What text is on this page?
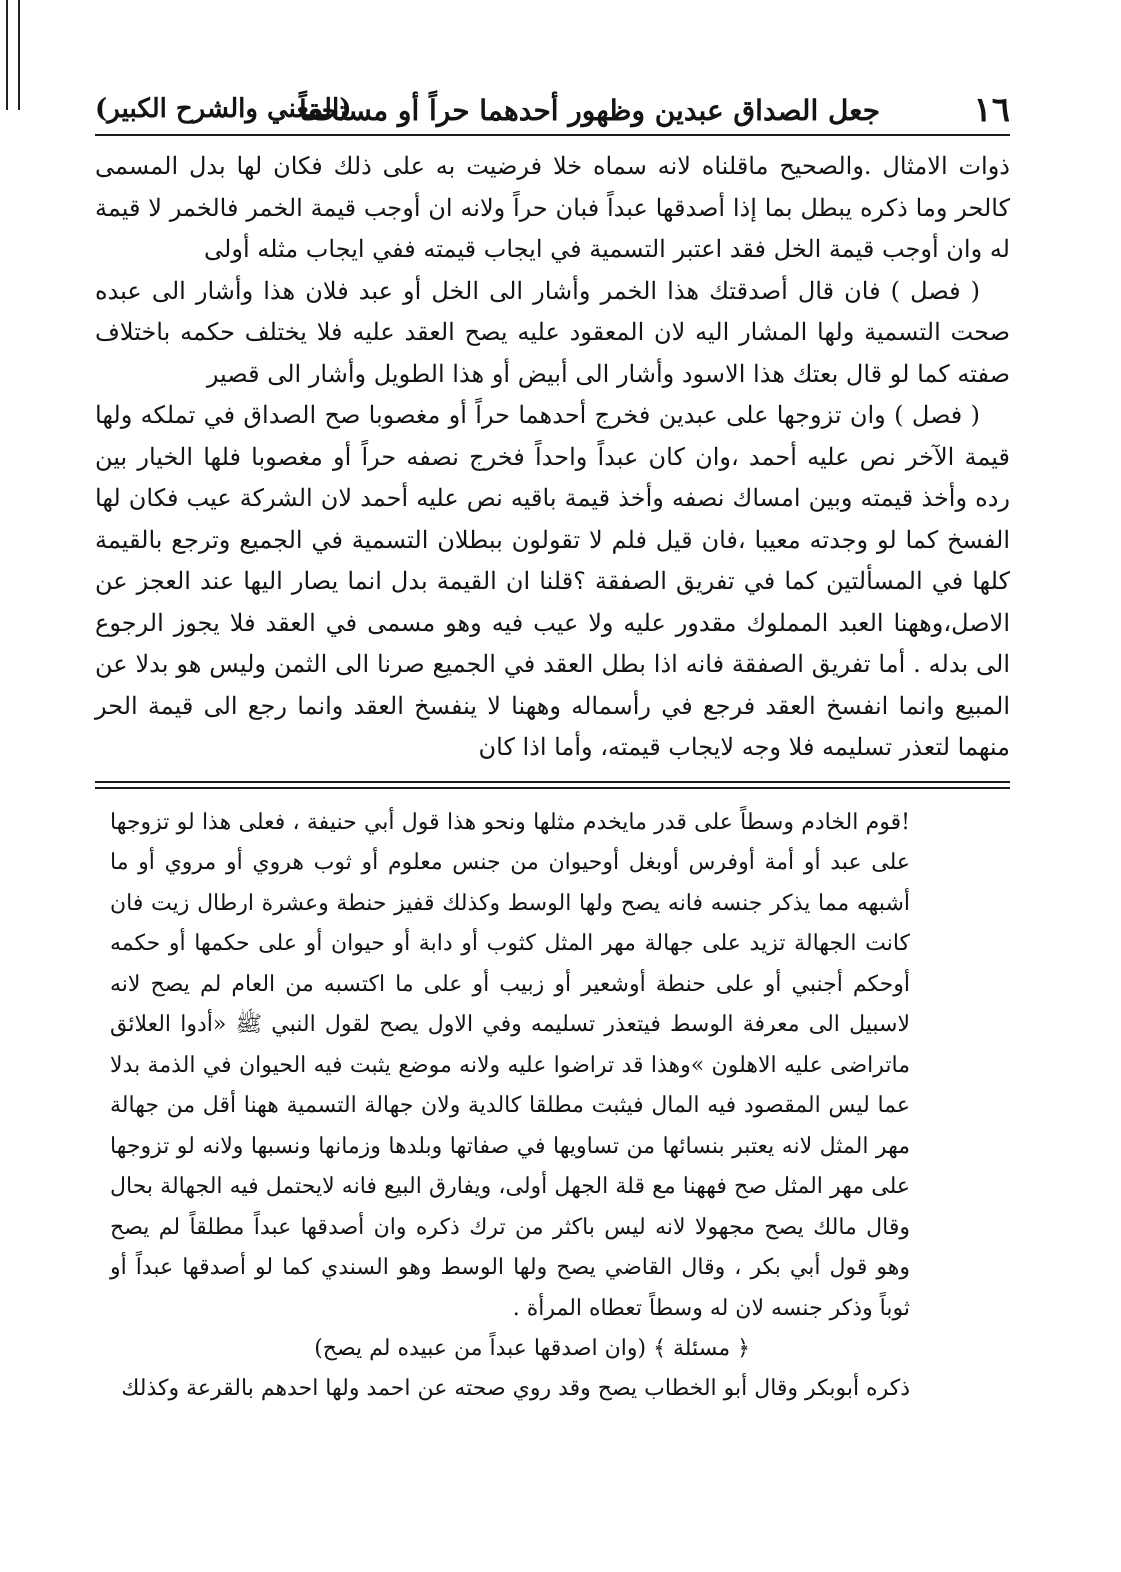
١٦
جعل الصداق عبدين وظهور أحدهما حراً أو مستحقاً
(المغني والشرح الكبير)

ذوات الامثال .والصحيح ماقلناه لانه سماه خلا فرضيت به على ذلك فكان لها بدل المسمى كالحر وما ذكره يبطل بما إذا أصدقها عبداً فبان حراً ولانه ان أوجب قيمة الخمر فالخمر لا قيمة له وان أوجب قيمة الخل فقد اعتبر التسمية في ايجاب قيمته ففي ايجاب مثله أولى

( فصل ) فان قال أصدقتك هذا الخمر وأشار الى الخل أو عبد فلان هذا وأشار الى عبده صحت التسمية ولها المشار اليه لان المعقود عليه يصح العقد عليه فلا يختلف حكمه باختلاف صفته كما لو قال بعتك هذا الاسود وأشار الى أبيض أو هذا الطويل وأشار الى قصير

( فصل ) وان تزوجها على عبدين فخرج أحدهما حراً أو مغصوبا صح الصداق في تملكه ولها قيمة الآخر نص عليه أحمد ،وان كان عبداً واحداً فخرج نصفه حراً أو مغصوبا فلها الخيار بين رده وأخذ قيمته وبين امساك نصفه وأخذ قيمة باقيه نص عليه أحمد لان الشركة عيب فكان لها الفسخ كما لو وجدته معيبا ،فان قيل فلم لا تقولون ببطلان التسمية في الجميع وترجع بالقيمة كلها في المسألتين كما في تفريق الصفقة ؟قلنا ان القيمة بدل انما يصار اليها عند العجز عن الاصل،وههنا العبد المملوك مقدور عليه ولا عيب فيه وهو مسمى في العقد فلا يجوز الرجوع الى بدله . أما تفريق الصفقة فانه اذا بطل العقد في الجميع صرنا الى الثمن وليس هو بدلا عن المبيع وانما انفسخ العقد فرجع في رأسماله وههنا لا ينفسخ العقد وانما رجع الى قيمة الحر منهما لتعذر تسليمه فلا وجه لايجاب قيمته، وأما اذا كان

!قوم الخادم وسطاً على قدر مايخدم مثلها ونحو هذا قول أبي حنيفة ، فعلى هذا لو تزوجها على عبد أو أمة أوفرس أوبغل أوحيوان من جنس معلوم أو ثوب هروي أو مروي أو ما أشبهه مما يذكر جنسه فانه يصح ولها الوسط وكذلك قفيز حنطة وعشرة ارطال زيت فان كانت الجهالة تزيد على جهالة مهر المثل كثوب أو دابة أو حيوان أو على حكمها أو حكمه أوحكم أجنبي أو على حنطة أوشعير أو زبيب أو على ما اكتسبه من العام لم يصح لانه لاسبيل الى معرفة الوسط فيتعذر تسليمه وفي الاول يصح لقول النبي ﷺ «أدوا العلائق ماتراضى عليه الاهلون »وهذا قد تراضوا عليه ولانه موضع يثبت فيه الحيوان في الذمة بدلا عما ليس المقصود فيه المال فيثبت مطلقا كالدية ولان جهالة التسمية ههنا أقل من جهالة مهر المثل لانه يعتبر بنسائها من تساويها في صفاتها وبلدها وزمانها ونسبها ولانه لو تزوجها على مهر المثل صح فههنا مع قلة الجهل أولى، ويفارق البيع فانه لايحتمل فيه الجهالة بحال وقال مالك يصح مجهولا لانه ليس باكثر من ترك ذكره وان أصدقها عبداً مطلقاً لم يصح وهو قول أبي بكر ، وقال القاضي يصح ولها الوسط وهو السندي كما لو أصدقها عبداً أو ثوباً وذكر جنسه لان له وسطاً تعطاه المرأة .

﴿ مسئلة ﴾ (وان اصدقها عبداً من عبيده لم يصح)
ذكره أبوبكر وقال أبو الخطاب يصح وقد روي صحته عن احمد ولها احدهم بالقرعة وكذلك
